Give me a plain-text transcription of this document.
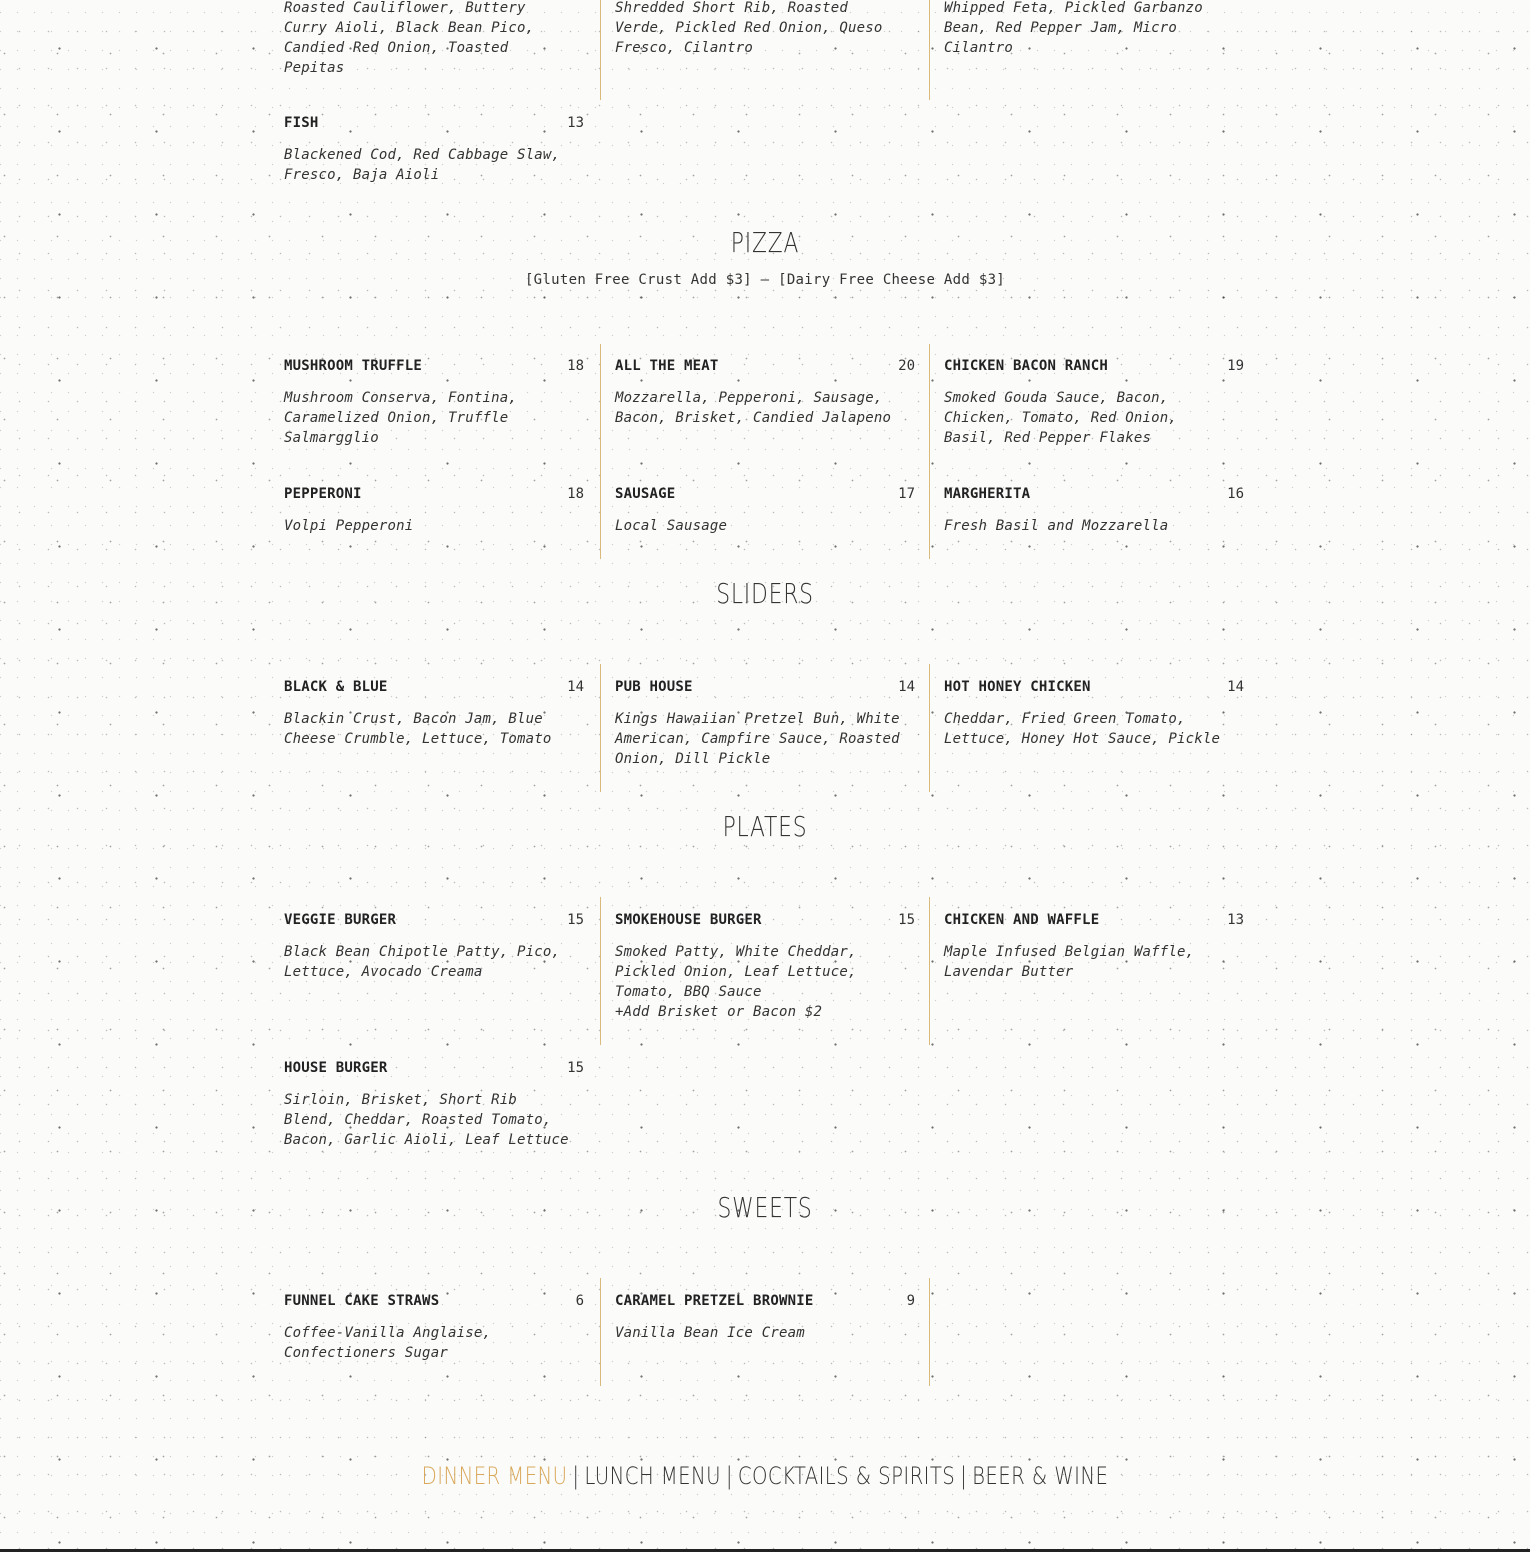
Roasted Cauliflower, Buttery
Curry Aioli, Black Bean Pico,
Candied Red Onion, Toasted
Pepitas
Shredded Short Rib, Roasted
Verde, Pickled Red Onion, Queso
Fresco, Cilantro
Whipped Feta, Pickled Garbanzo
Bean, Red Pepper Jam, Micro
Cilantro
FISH	13
Blackened Cod, Red Cabbage Slaw,
Fresco, Baja Aioli
PIZZA
[Gluten Free Crust Add $3] – [Dairy Free Cheese Add $3]
MUSHROOM TRUFFLE	18
Mushroom Conserva, Fontina,
Caramelized Onion, Truffle
Salmargglio
ALL THE MEAT	20
Mozzarella, Pepperoni, Sausage,
Bacon, Brisket, Candied Jalapeno
CHICKEN BACON RANCH	19
Smoked Gouda Sauce, Bacon,
Chicken, Tomato, Red Onion,
Basil, Red Pepper Flakes
PEPPERONI	18
Volpi Pepperoni
SAUSAGE	17
Local Sausage
MARGHERITA	16
Fresh Basil and Mozzarella
SLIDERS
BLACK & BLUE	14
Blackin Crust, Bacon Jam, Blue
Cheese Crumble, Lettuce, Tomato
PUB HOUSE	14
Kings Hawaiian Pretzel Bun, White
American, Campfire Sauce, Roasted
Onion, Dill Pickle
HOT HONEY CHICKEN	14
Cheddar, Fried Green Tomato,
Lettuce, Honey Hot Sauce, Pickle
PLATES
VEGGIE BURGER	15
Black Bean Chipotle Patty, Pico,
Lettuce, Avocado Creama
SMOKEHOUSE BURGER	15
Smoked Patty, White Cheddar,
Pickled Onion, Leaf Lettuce,
Tomato, BBQ Sauce
+Add Brisket or Bacon $2
CHICKEN AND WAFFLE	13
Maple Infused Belgian Waffle,
Lavendar Butter
HOUSE BURGER	15
Sirloin, Brisket, Short Rib
Blend, Cheddar, Roasted Tomato,
Bacon, Garlic Aioli, Leaf Lettuce
SWEETS
FUNNEL CAKE STRAWS	6
Coffee-Vanilla Anglaise,
Confectioners Sugar
CARAMEL PRETZEL BROWNIE	9
Vanilla Bean Ice Cream
DINNER MENU | LUNCH MENU | COCKTAILS & SPIRITS | BEER & WINE
